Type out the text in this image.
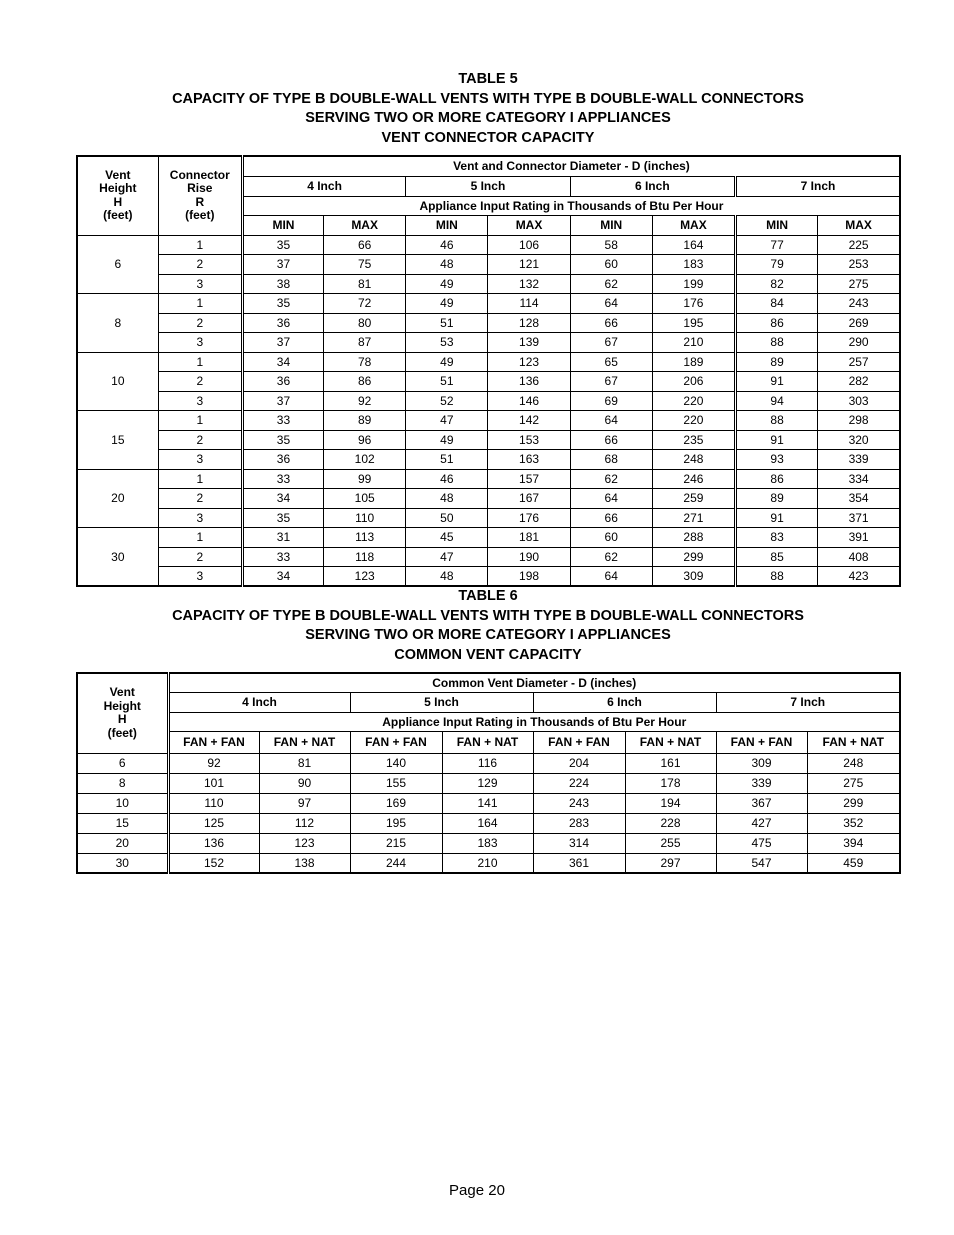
TABLE 5
CAPACITY OF TYPE B DOUBLE-WALL VENTS WITH TYPE B DOUBLE-WALL CONNECTORS
SERVING TWO OR MORE CATEGORY I APPLIANCES
VENT CONNECTOR CAPACITY
Vent
Height
H
(feet)	Connector
Rise
R
(feet)	Vent and Connector Diameter - D (inches)							
		4 Inch		5 Inch		6 Inch		7 Inch	
		Appliance Input Rating in Thousands of Btu Per Hour							
		MIN	MAX	MIN	MAX	MIN	MAX	MIN	MAX
6	1	35	66	46	106	58	164	77	225
	2	37	75	48	121	60	183	79	253
	3	38	81	49	132	62	199	82	275
8	1	35	72	49	114	64	176	84	243
	2	36	80	51	128	66	195	86	269
	3	37	87	53	139	67	210	88	290
10	1	34	78	49	123	65	189	89	257
	2	36	86	51	136	67	206	91	282
	3	37	92	52	146	69	220	94	303
15	1	33	89	47	142	64	220	88	298
	2	35	96	49	153	66	235	91	320
	3	36	102	51	163	68	248	93	339
20	1	33	99	46	157	62	246	86	334
	2	34	105	48	167	64	259	89	354
	3	35	110	50	176	66	271	91	371
30	1	31	113	45	181	60	288	83	391
	2	33	118	47	190	62	299	85	408
	3	34	123	48	198	64	309	88	423
TABLE 6
CAPACITY OF TYPE B DOUBLE-WALL VENTS WITH TYPE B DOUBLE-WALL CONNECTORS
SERVING TWO OR MORE CATEGORY I APPLIANCES
COMMON VENT CAPACITY
Vent
Height
H
(feet)	Common Vent Diameter - D (inches)							
	4 Inch		5 Inch		6 Inch		7 Inch	
	Appliance Input Rating in Thousands of Btu Per Hour							
	FAN + FAN	FAN + NAT	FAN + FAN	FAN + NAT	FAN + FAN	FAN + NAT	FAN + FAN	FAN + NAT
6	92	81	140	116	204	161	309	248
8	101	90	155	129	224	178	339	275
10	110	97	169	141	243	194	367	299
15	125	112	195	164	283	228	427	352
20	136	123	215	183	314	255	475	394
30	152	138	244	210	361	297	547	459
Page 20
